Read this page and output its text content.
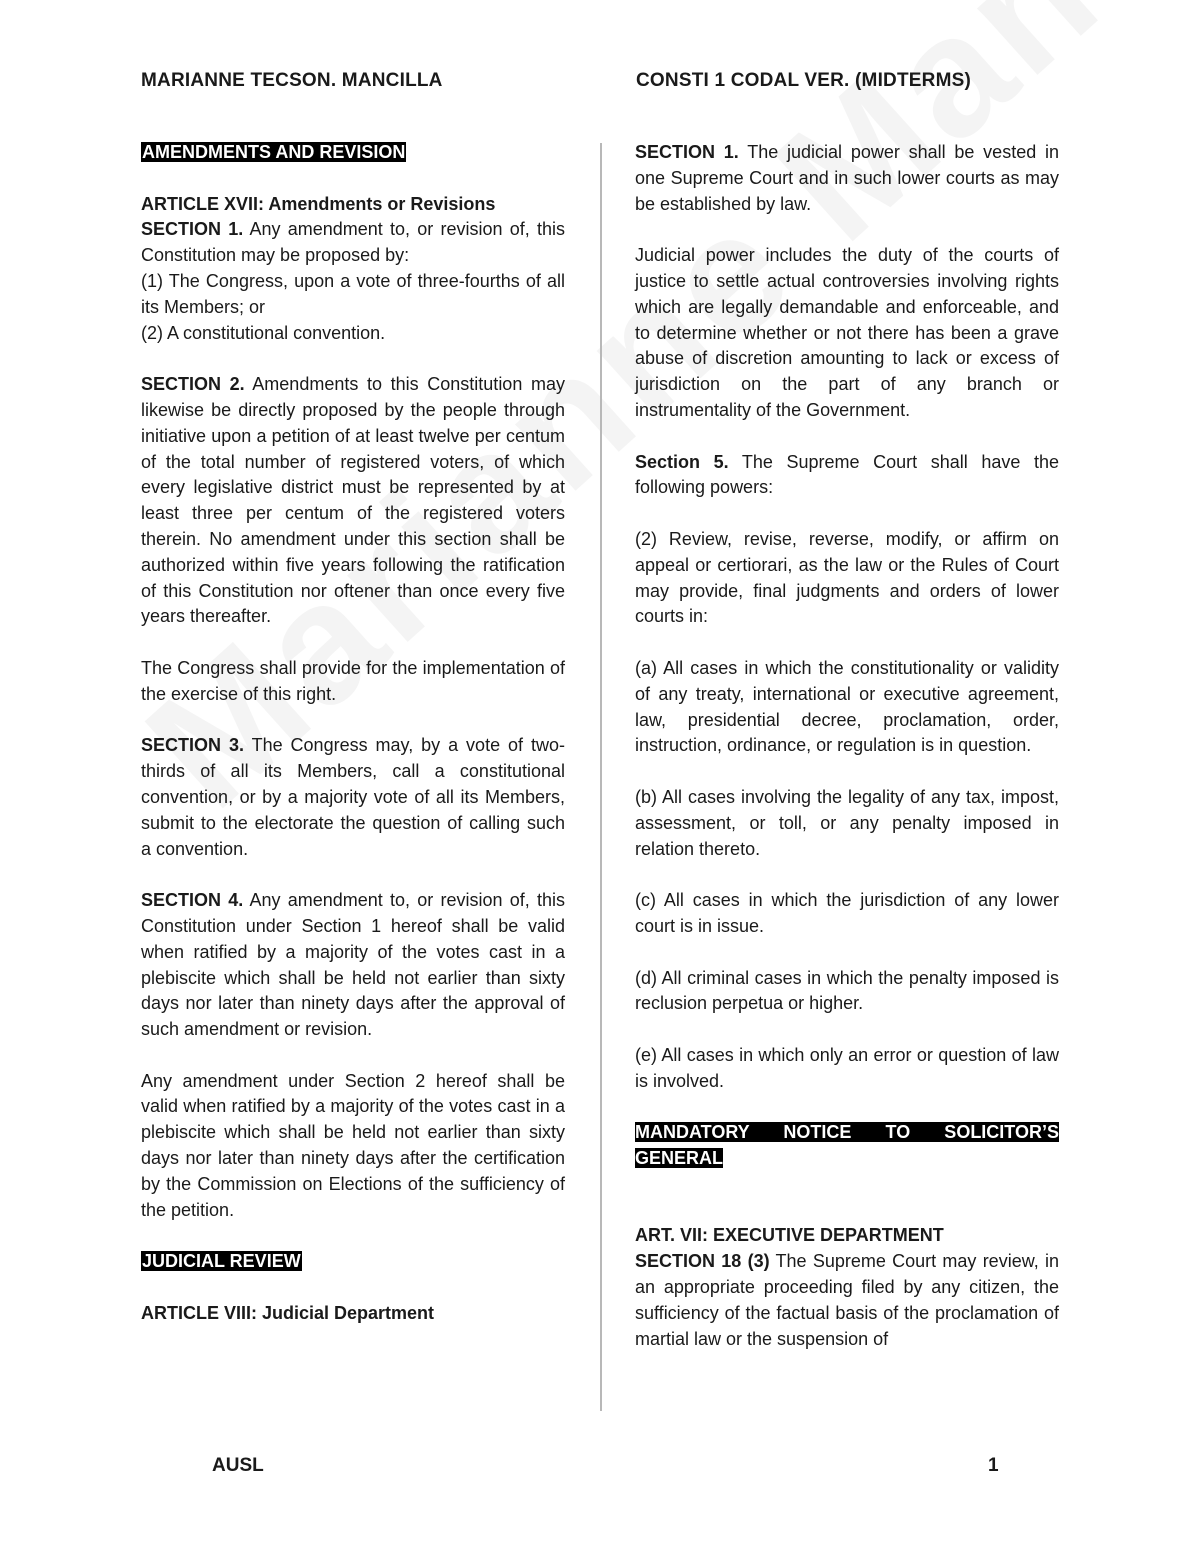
MARIANNE TECSON. MANCILLA	CONSTI 1 CODAL VER. (MIDTERMS)

AMENDMENTS AND REVISION

ARTICLE XVII: Amendments or Revisions

SECTION 1. Any amendment to, or revision of, this Constitution may be proposed by:

(1) The Congress, upon a vote of three-fourths of all its Members; or

(2) A constitutional convention.

SECTION 2. Amendments to this Constitution may likewise be directly proposed by the people through initiative upon a petition of at least twelve per centum of the total number of registered voters, of which every legislative district must be represented by at least three per centum of the registered voters therein. No amendment under this section shall be authorized within five years following the ratification of this Constitution nor oftener than once every five years thereafter.

The Congress shall provide for the implementation of the exercise of this right.

SECTION 3. The Congress may, by a vote of two-thirds of all its Members, call a constitutional convention, or by a majority vote of all its Members, submit to the electorate the question of calling such a convention.

SECTION 4. Any amendment to, or revision of, this Constitution under Section 1 hereof shall be valid when ratified by a majority of the votes cast in a plebiscite which shall be held not earlier than sixty days nor later than ninety days after the approval of such amendment or revision.

Any amendment under Section 2 hereof shall be valid when ratified by a majority of the votes cast in a plebiscite which shall be held not earlier than sixty days nor later than ninety days after the certification by the Commission on Elections of the sufficiency of the petition.

JUDICIAL REVIEW

ARTICLE VIII: Judicial Department

SECTION 1. The judicial power shall be vested in one Supreme Court and in such lower courts as may be established by law.

Judicial power includes the duty of the courts of justice to settle actual controversies involving rights which are legally demandable and enforceable, and to determine whether or not there has been a grave abuse of discretion amounting to lack or excess of jurisdiction on the part of any branch or instrumentality of the Government.

Section 5. The Supreme Court shall have the following powers:

(2) Review, revise, reverse, modify, or affirm on appeal or certiorari, as the law or the Rules of Court may provide, final judgments and orders of lower courts in:

(a) All cases in which the constitutionality or validity of any treaty, international or executive agreement, law, presidential decree, proclamation, order, instruction, ordinance, or regulation is in question.

(b) All cases involving the legality of any tax, impost, assessment, or toll, or any penalty imposed in relation thereto.

(c) All cases in which the jurisdiction of any lower court is in issue.

(d) All criminal cases in which the penalty imposed is reclusion perpetua or higher.

(e) All cases in which only an error or question of law is involved.

MANDATORY NOTICE TO SOLICITOR’S GENERAL

ART. VII: EXECUTIVE DEPARTMENT

SECTION 18 (3) The Supreme Court may review, in an appropriate proceeding filed by any citizen, the sufficiency of the factual basis of the proclamation of martial law or the suspension of

AUSL	1
